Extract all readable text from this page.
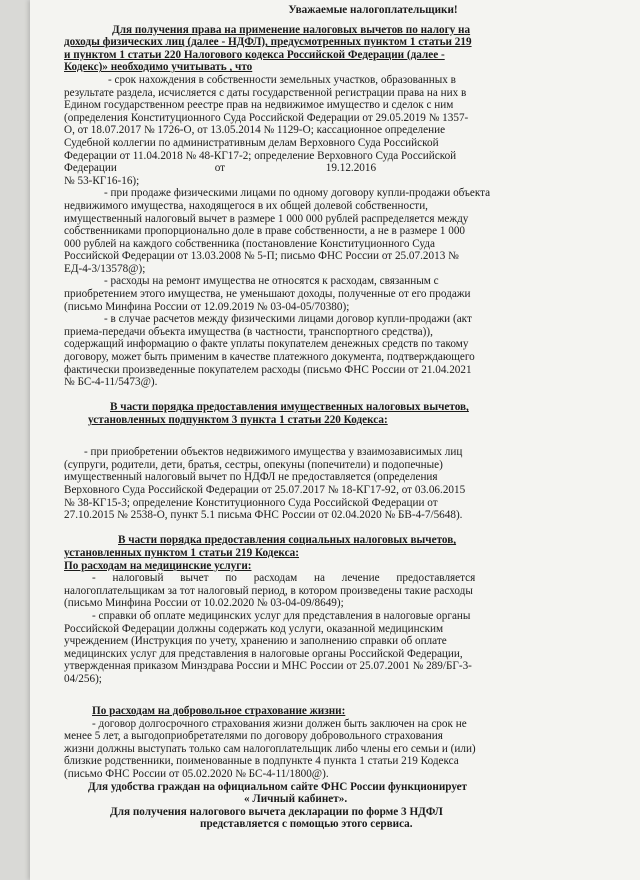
Уважаемые налогоплательщики!
Для получения права на применение налоговых вычетов по налогу на
доходы физических лиц (далее - НДФЛ), предусмотренных пунктом 1 статьи 219
и пунктом 1 статьи 220 Налогового кодекса Российской Федерации (далее -
Кодекс)» необходимо учитывать , что
- срок нахождения в собственности земельных участков, образованных в
результате раздела, исчисляется с даты государственной регистрации права на них в
Едином государственном реестре прав на недвижимое имущество и сделок с ним
(определения Конституционного Суда Российской Федерации от 29.05.2019 № 1357-
О, от 18.07.2017 № 1726-О, от 13.05.2014 № 1129-О; кассационное определение
Судебной коллегии по административным делам Верховного Суда Российской
Федерации от 11.04.2018 № 48-КГ17-2; определение Верховного Суда Российской
Федерации                                   от                                    19.12.2016
№ 53-КГ16-16);
- при продаже физическими лицами по одному договору купли-продажи объекта
недвижимого имущества, находящегося в их общей долевой собственности,
имущественный налоговый вычет в размере 1 000 000 рублей распределяется между
собственниками пропорционально доле в праве собственности, а не в размере 1 000
000 рублей на каждого собственника (постановление Конституционного Суда
Российской Федерации от 13.03.2008 № 5-П; письмо ФНС России от 25.07.2013 №
ЕД-4-3/13578@);
- расходы на ремонт имущества не относятся к расходам, связанным с
приобретением этого имущества, не уменьшают доходы, полученные от его продажи
(письмо Минфина России от 12.09.2019 № 03-04-05/70380);
- в случае расчетов между физическими лицами договор купли-продажи (акт
приема-передачи объекта имущества (в частности, транспортного средства)),
содержащий информацию о факте уплаты покупателем денежных средств по такому
договору, может быть применим в качестве платежного документа, подтверждающего
фактически произведенные покупателем расходы (письмо ФНС России от 21.04.2021
№ БС-4-11/5473@).
В части порядка предоставления имущественных налоговых вычетов,
установленных подпунктом 3 пункта 1 статьи 220 Кодекса:
- при приобретении объектов недвижимого имущества у взаимозависимых лиц
(супруги, родители, дети, братья, сестры, опекуны (попечители) и подопечные)
имущественный налоговый вычет по НДФЛ не предоставляется (определения
Верховного Суда Российской Федерации от 25.07.2017 № 18-КГ17-92, от 03.06.2015
№ 38-КГ15-3; определение Конституционного Суда Российской Федерации от
27.10.2015 № 2538-О, пункт 5.1 письма ФНС России от 02.04.2020 № БВ-4-7/5648).
В части порядка предоставления социальных налоговых вычетов,
установленных пунктом 1 статьи 219 Кодекса:
По расходам на медицинские услуги:
- налоговый вычет по расходам на лечение предоставляется
налогоплательщикам за тот налоговый период, в котором произведены такие расходы
(письмо Минфина России от 10.02.2020 № 03-04-09/8649);
- справки об оплате медицинских услуг для представления в налоговые органы
Российской Федерации должны содержать код услуги, оказанной медицинским
учреждением (Инструкция по учету, хранению и заполнению справки об оплате
медицинских услуг для представления в налоговые органы Российской Федерации,
утвержденная приказом Минздрава России и МНС России от 25.07.2001 № 289/БГ-3-
04/256);
По расходам на добровольное страхование жизни:
- договор долгосрочного страхования жизни должен быть заключен на срок не
менее 5 лет, а выгодоприобретателями по договору добровольного страхования
жизни должны выступать только сам налогоплательщик либо члены его семьи и (или)
близкие родственники, поименованные в подпункте 4 пункта 1 статьи 219 Кодекса
(письмо ФНС России от 05.02.2020 № БС-4-11/1800@).
Для удобства граждан на официальном сайте ФНС России функционирует
« Личный кабинет».
Для получения налогового вычета декларации по форме 3 НДФЛ
представляется с помощью этого сервиса.
